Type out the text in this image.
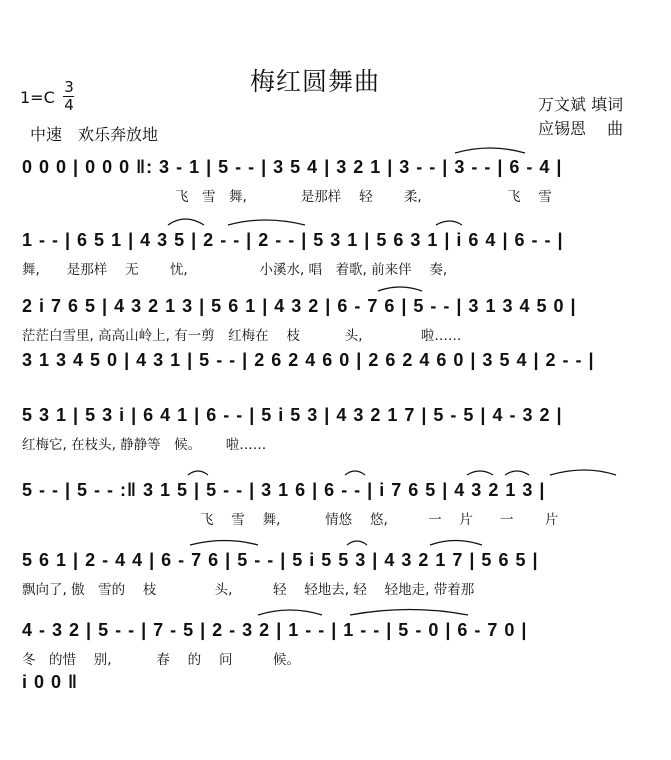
梅红圆舞曲
1=C
3
4
中速　欢乐奔放地
万文斌 填词
应锡恩　 曲
0 0 0 | 0 0 0 ‖: 3 - 1 | 5 - - | 3 5 4 | 3 2 1 | 3 - - | 3 - - | 6 - 4 |
飞　雪　舞,　　　　是那样　 轻　　 柔,　　　　　　 飞　 雪
1 - - | 6 5 1 | 4 3 5 | 2 - - | 2 - - | 5 3 1 | 5 6 3 1 | i 6 4 | 6 - - |
舞,　　是那样　 无　　 忧,　　　　　 小溪水, 唱　着歌, 前来伴　 奏,
2 i 7 6 5 | 4 3 2 1 3 | 5 6 1 | 4 3 2 | 6 - 7 6 | 5 - - | 3 1 3 4 5 0 |
茫茫白雪里, 高高山岭上, 有一剪　红梅在　 枝　　　 头,　　　　 啦……
3 1 3 4 5 0 | 4 3 1 | 5 - - | 2 6 2 4 6 0 | 2 6 2 4 6 0 | 3 5 4 | 2 - - |
5 3 1 | 5 3 i | 6 4 1 | 6 - - | 5 i 5 3 | 4 3 2 1 7 | 5 - 5 | 4 - 3 2 |
红梅它, 在枝头, 静静等　候。　　 啦……
5 - - | 5 - - :‖ 3 1 5 | 5 - - | 3 1 6 | 6 - - | i 7 6 5 | 4 3 2 1 3 |
飞　 雪　 舞,　　　 情悠　 悠,　　　一　 片　　一　　 片
5 6 1 | 2 - 4 4 | 6 - 7 6 | 5 - - | 5 i 5 5 3 | 4 3 2 1 7 | 5 6 5 |
飘向了, 傲　雪的　 枝　　　　 头,　　　轻　 轻地去, 轻　 轻地走, 带着那
4 - 3 2 | 5 - - | 7 - 5 | 2 - 3 2 | 1 - - | 1 - - | 5 - 0 | 6 - 7 0 |
冬　的惜　 别,　　　 春　 的　 问　　　候。
i 0 0 ‖
